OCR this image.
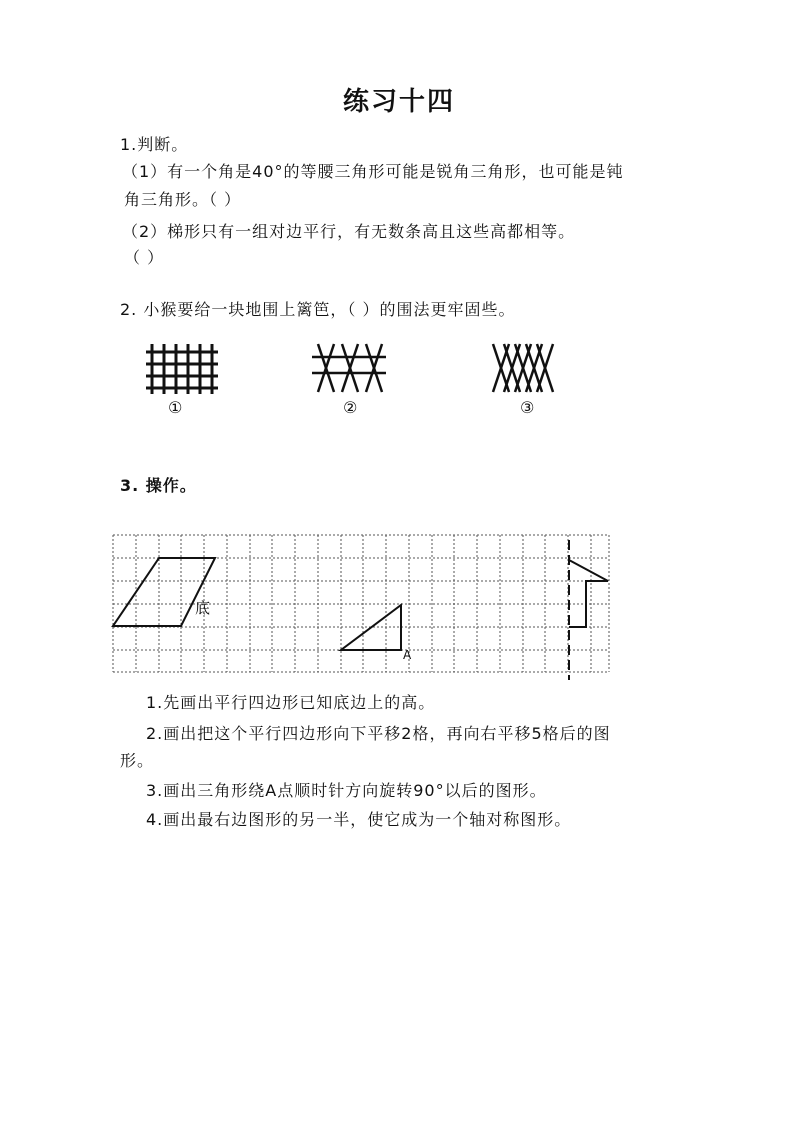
练习十四
1.判断。
（1）有一个角是40°的等腰三角形可能是锐角三角形，也可能是钝
角三角形。（ ）
（2）梯形只有一组对边平行，有无数条高且这些高都相等。
（ ）
2. 小猴要给一块地围上篱笆，（ ）的围法更牢固些。
①	②	③
3. 操作。
底
A
1.先画出平行四边形已知底边上的高。
2.画出把这个平行四边形向下平移2格，再向右平移5格后的图
形。
3.画出三角形绕A点顺时针方向旋转90°以后的图形。
4.画出最右边图形的另一半，使它成为一个轴对称图形。
